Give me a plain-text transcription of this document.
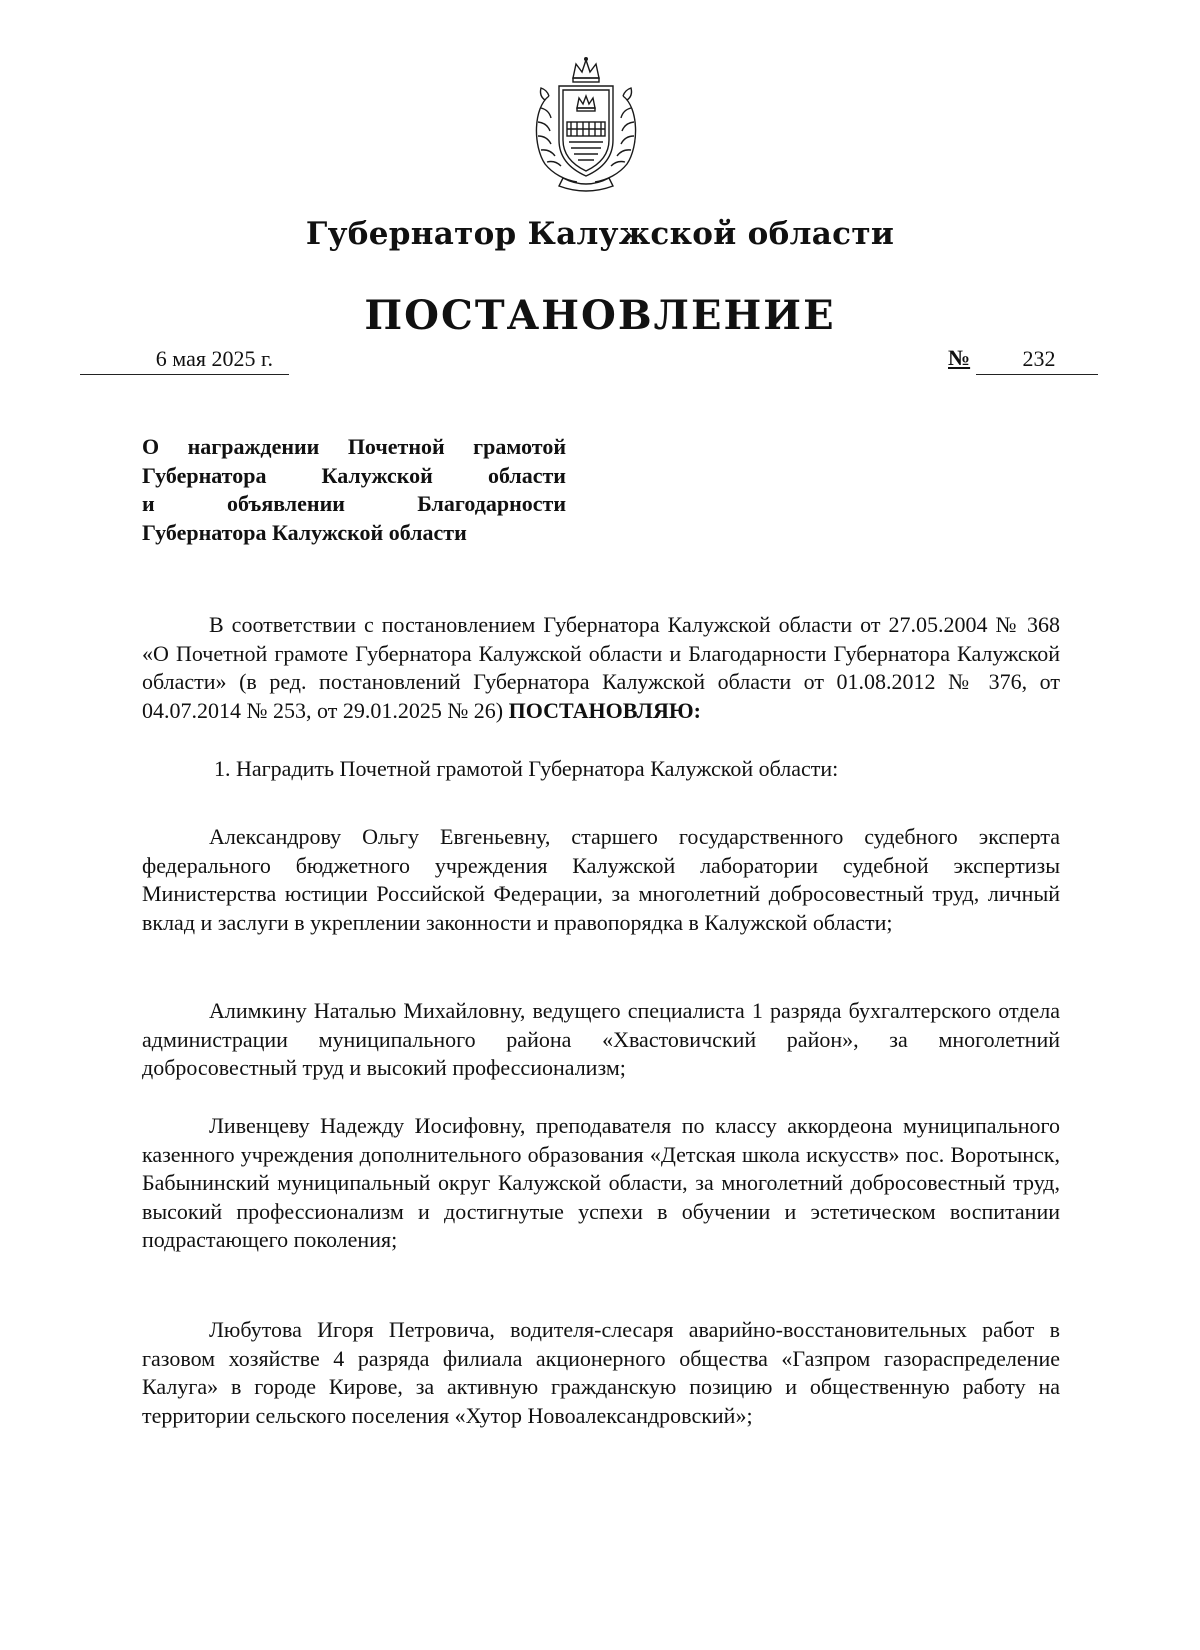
Губернатор Калужской области
ПОСТАНОВЛЕНИЕ
6 мая 2025 г.	№	232
О награждении Почетной грамотой
Губернатора Калужской области
и объявлении Благодарности
Губернатора Калужской области

В соответствии с постановлением Губернатора Калужской области от 27.05.2004 № 368 «О Почетной грамоте Губернатора Калужской области и Благодарности Губернатора Калужской области» (в ред. постановлений Губернатора Калужской области от 01.08.2012 № 376, от 04.07.2014 № 253, от 29.01.2025 № 26) ПОСТАНОВЛЯЮ:

1. Наградить Почетной грамотой Губернатора Калужской области:

Александрову Ольгу Евгеньевну, старшего государственного судебного эксперта федерального бюджетного учреждения Калужской лаборатории судебной экспертизы Министерства юстиции Российской Федерации, за многолетний добросовестный труд, личный вклад и заслуги в укреплении законности и правопорядка в Калужской области;

Алимкину Наталью Михайловну, ведущего специалиста 1 разряда бухгалтерского отдела администрации муниципального района «Хвастовичский район», за многолетний добросовестный труд и высокий профессионализм;

Ливенцеву Надежду Иосифовну, преподавателя по классу аккордеона муниципального казенного учреждения дополнительного образования «Детская школа искусств» пос. Воротынск, Бабынинский муниципальный округ Калужской области, за многолетний добросовестный труд, высокий профессионализм и достигнутые успехи в обучении и эстетическом воспитании подрастающего поколения;

Любутова Игоря Петровича, водителя-слесаря аварийно-восстановительных работ в газовом хозяйстве 4 разряда филиала акционерного общества «Газпром газораспределение Калуга» в городе Кирове, за активную гражданскую позицию и общественную работу на территории сельского поселения «Хутор Новоалександровский»;
